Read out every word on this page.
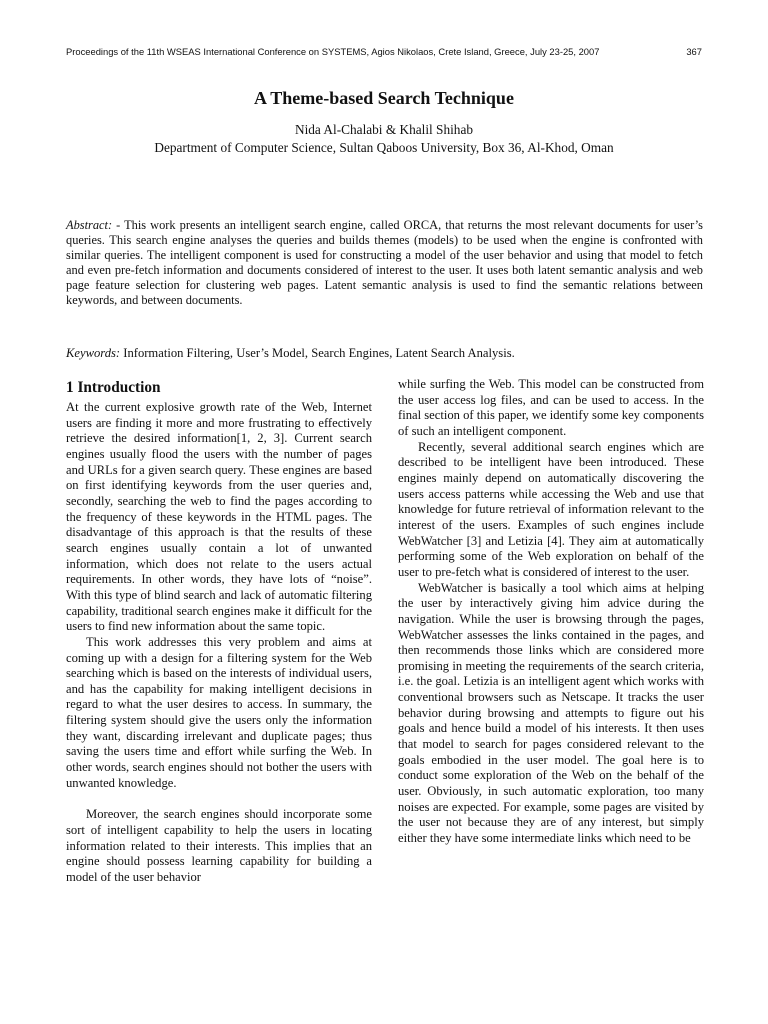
Proceedings of the 11th WSEAS International Conference on SYSTEMS, Agios Nikolaos, Crete Island, Greece, July 23-25, 2007	367
A Theme-based Search Technique
Nida Al-Chalabi & Khalil Shihab
Department of Computer Science, Sultan Qaboos University, Box 36, Al-Khod, Oman

Abstract: - This work presents an intelligent search engine, called ORCA, that returns the most relevant documents for user’s queries. This search engine analyses the queries and builds themes (models) to be used when the engine is confronted with similar queries. The intelligent component is used for constructing a model of the user behavior and using that model to fetch and even pre-fetch information and documents considered of interest to the user. It uses both latent semantic analysis and web page feature selection for clustering web pages. Latent semantic analysis is used to find the semantic relations between keywords, and between documents.

Keywords: Information Filtering, User’s Model, Search Engines, Latent Search Analysis.

1 Introduction

At the current explosive growth rate of the Web, Internet users are finding it more and more frustrating to effectively retrieve the desired information[1, 2, 3]. Current search engines usually flood the users with the number of pages and URLs for a given search query. These engines are based on first identifying keywords from the user queries and, secondly, searching the web to find the pages according to the frequency of these keywords in the HTML pages. The disadvantage of this approach is that the results of these search engines usually contain a lot of unwanted information, which does not relate to the users actual requirements. In other words, they have lots of “noise”. With this type of blind search and lack of automatic filtering capability, traditional search engines make it difficult for the users to find new information about the same topic.

This work addresses this very problem and aims at coming up with a design for a filtering system for the Web searching which is based on the interests of individual users, and has the capability for making intelligent decisions in regard to what the user desires to access. In summary, the filtering system should give the users only the information they want, discarding irrelevant and duplicate pages; thus saving the users time and effort while surfing the Web. In other words, search engines should not bother the users with unwanted knowledge.

Moreover, the search engines should incorporate some sort of intelligent capability to help the users in locating information related to their interests. This implies that an engine should possess learning capability for building a model of the user behavior

while surfing the Web. This model can be constructed from the user access log files, and can be used to access. In the final section of this paper, we identify some key components of such an intelligent component.

Recently, several additional search engines which are described to be intelligent have been introduced. These engines mainly depend on automatically discovering the users access patterns while accessing the Web and use that knowledge for future retrieval of information relevant to the interest of the users. Examples of such engines include WebWatcher [3] and Letizia [4]. They aim at automatically performing some of the Web exploration on behalf of the user to pre-fetch what is considered of interest to the user.

WebWatcher is basically a tool which aims at helping the user by interactively giving him advice during the navigation. While the user is browsing through the pages, WebWatcher assesses the links contained in the pages, and then recommends those links which are considered more promising in meeting the requirements of the search criteria, i.e. the goal. Letizia is an intelligent agent which works with conventional browsers such as Netscape. It tracks the user behavior during browsing and attempts to figure out his goals and hence build a model of his interests. It then uses that model to search for pages considered relevant to the goals embodied in the user model. The goal here is to conduct some exploration of the Web on the behalf of the user. Obviously, in such automatic exploration, too many noises are expected. For example, some pages are visited by the user not because they are of any interest, but simply either they have some intermediate links which need to be
